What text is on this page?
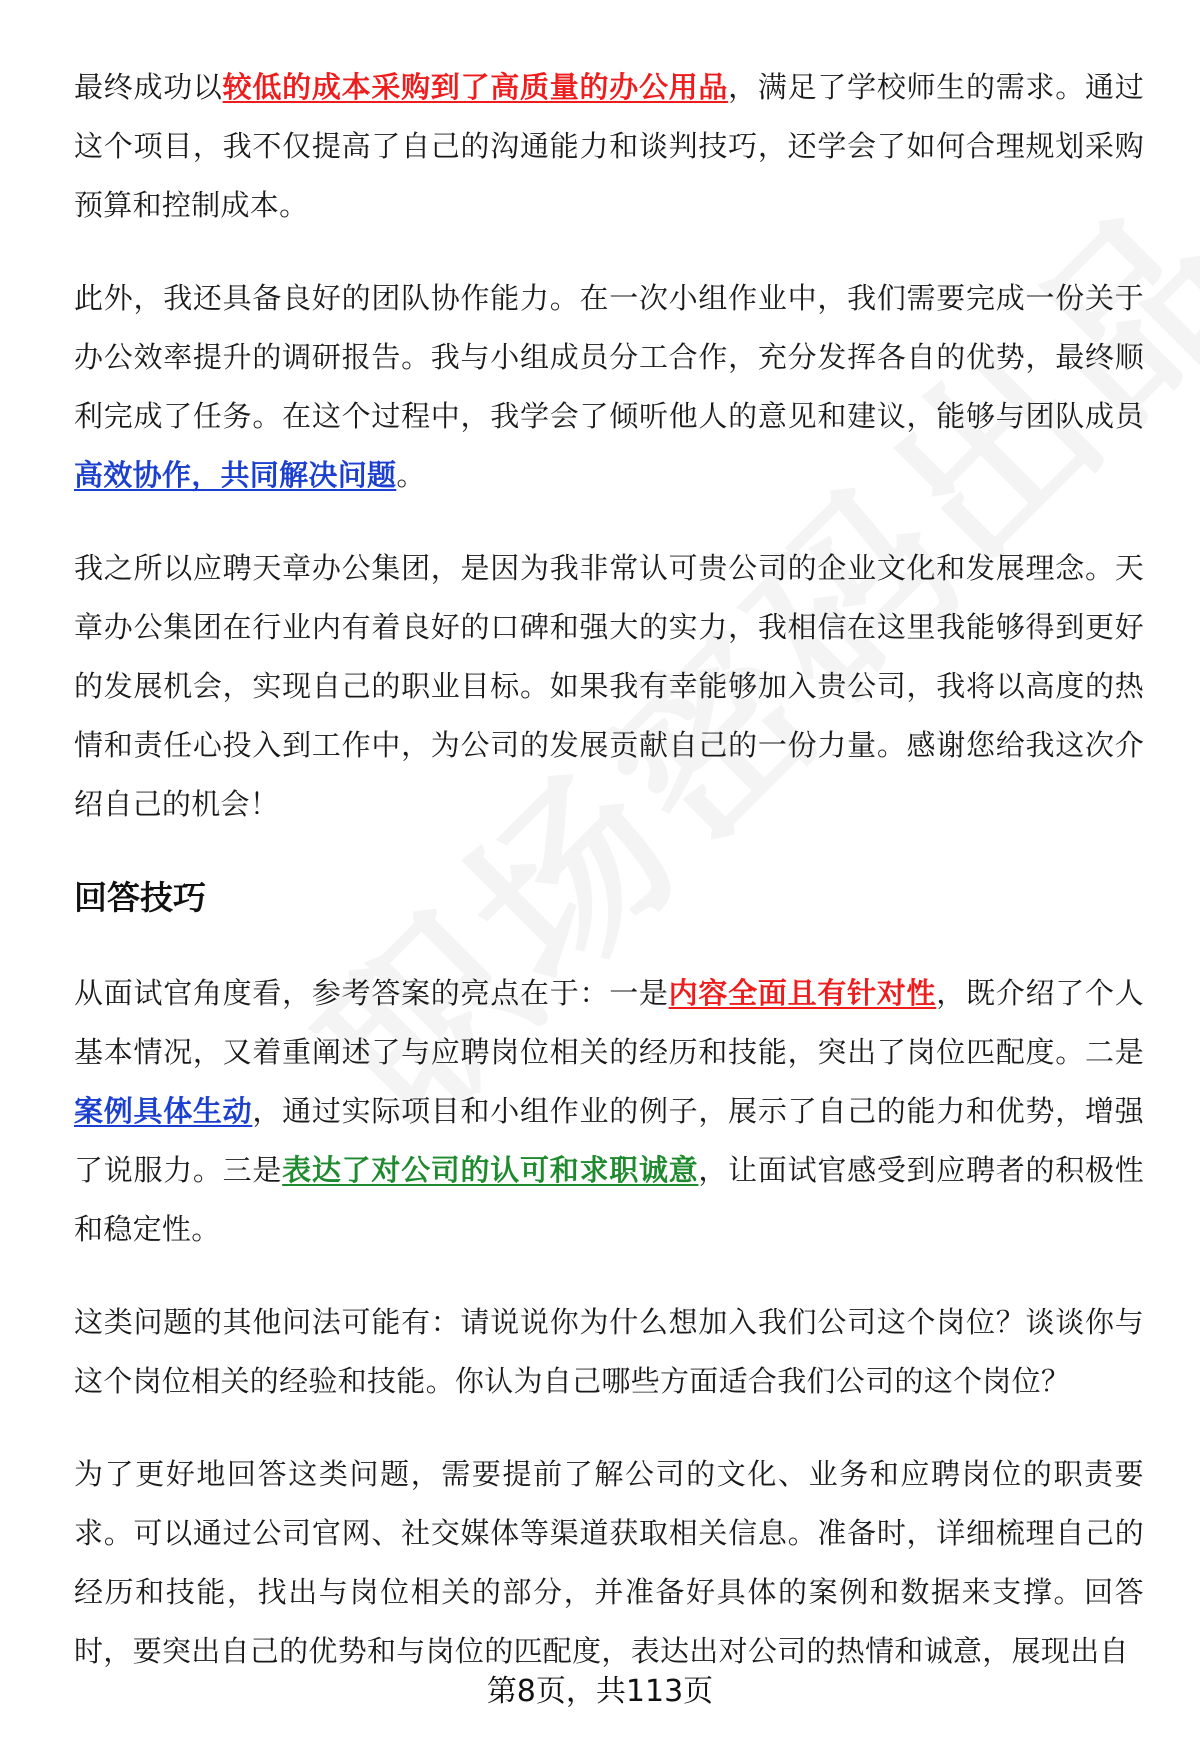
最终成功以较低的成本采购到了高质量的办公用品，满足了学校师生的需求。通过这个项目，我不仅提高了自己的沟通能力和谈判技巧，还学会了如何合理规划采购预算和控制成本。

此外，我还具备良好的团队协作能力。在一次小组作业中，我们需要完成一份关于办公效率提升的调研报告。我与小组成员分工合作，充分发挥各自的优势，最终顺利完成了任务。在这个过程中，我学会了倾听他人的意见和建议，能够与团队成员高效协作，共同解决问题。

我之所以应聘天章办公集团，是因为我非常认可贵公司的企业文化和发展理念。天章办公集团在行业内有着良好的口碑和强大的实力，我相信在这里我能够得到更好的发展机会，实现自己的职业目标。如果我有幸能够加入贵公司，我将以高度的热情和责任心投入到工作中，为公司的发展贡献自己的一份力量。感谢您给我这次介绍自己的机会！

回答技巧

从面试官角度看，参考答案的亮点在于：一是内容全面且有针对性，既介绍了个人基本情况，又着重阐述了与应聘岗位相关的经历和技能，突出了岗位匹配度。二是案例具体生动，通过实际项目和小组作业的例子，展示了自己的能力和优势，增强了说服力。三是表达了对公司的认可和求职诚意，让面试官感受到应聘者的积极性和稳定性。

这类问题的其他问法可能有：请说说你为什么想加入我们公司这个岗位？谈谈你与这个岗位相关的经验和技能。你认为自己哪些方面适合我们公司的这个岗位？

为了更好地回答这类问题，需要提前了解公司的文化、业务和应聘岗位的职责要求。可以通过公司官网、社交媒体等渠道获取相关信息。准备时，详细梳理自己的经历和技能，找出与岗位相关的部分，并准备好具体的案例和数据来支撑。回答时，要突出自己的优势和与岗位的匹配度，表达出对公司的热情和诚意，展现出自

第8页，共113页
